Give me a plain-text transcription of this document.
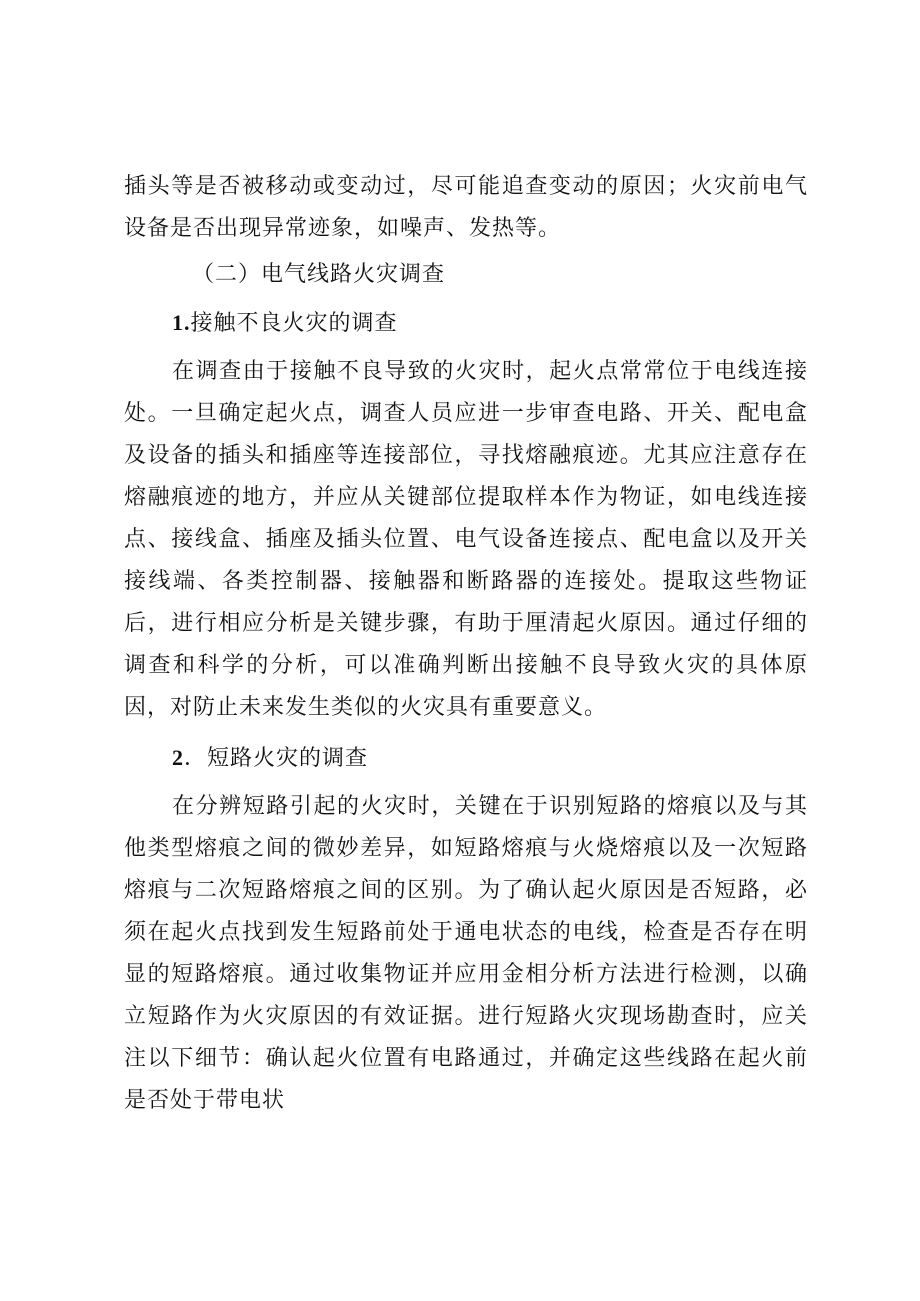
插头等是否被移动或变动过，尽可能追查变动的原因；火灾前电气设备是否出现异常迹象，如噪声、发热等。

（二）电气线路火灾调查

1.接触不良火灾的调查

在调查由于接触不良导致的火灾时，起火点常常位于电线连接处。一旦确定起火点，调查人员应进一步审查电路、开关、配电盒及设备的插头和插座等连接部位，寻找熔融痕迹。尤其应注意存在熔融痕迹的地方，并应从关键部位提取样本作为物证，如电线连接点、接线盒、插座及插头位置、电气设备连接点、配电盒以及开关接线端、各类控制器、接触器和断路器的连接处。提取这些物证后，进行相应分析是关键步骤，有助于厘清起火原因。通过仔细的调查和科学的分析，可以准确判断出接触不良导致火灾的具体原因，对防止未来发生类似的火灾具有重要意义。

2．短路火灾的调查

在分辨短路引起的火灾时，关键在于识别短路的熔痕以及与其他类型熔痕之间的微妙差异，如短路熔痕与火烧熔痕以及一次短路熔痕与二次短路熔痕之间的区别。为了确认起火原因是否短路，必须在起火点找到发生短路前处于通电状态的电线，检查是否存在明显的短路熔痕。通过收集物证并应用金相分析方法进行检测，以确立短路作为火灾原因的有效证据。进行短路火灾现场勘查时，应关注以下细节：确认起火位置有电路通过，并确定这些线路在起火前是否处于带电状
